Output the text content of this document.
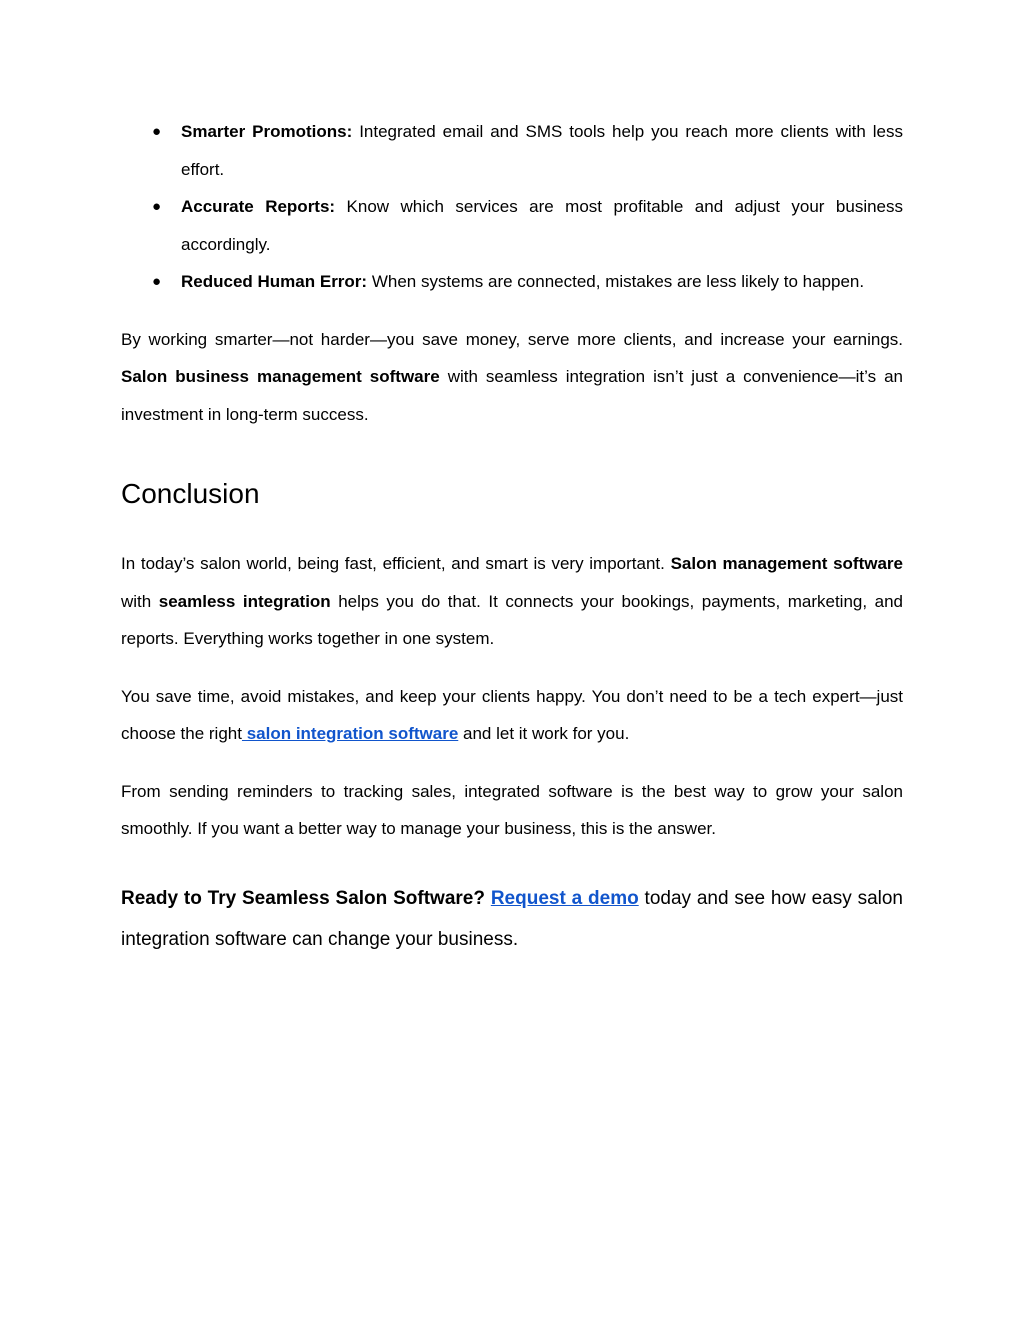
● Smarter Promotions: Integrated email and SMS tools help you reach more clients with less effort.
● Accurate Reports: Know which services are most profitable and adjust your business accordingly.
● Reduced Human Error: When systems are connected, mistakes are less likely to happen.

By working smarter—not harder—you save money, serve more clients, and increase your earnings. Salon business management software with seamless integration isn’t just a convenience—it’s an investment in long-term success.

Conclusion

In today’s salon world, being fast, efficient, and smart is very important. Salon management software with seamless integration helps you do that. It connects your bookings, payments, marketing, and reports. Everything works together in one system.

You save time, avoid mistakes, and keep your clients happy. You don’t need to be a tech expert—just choose the right salon integration software and let it work for you.

From sending reminders to tracking sales, integrated software is the best way to grow your salon smoothly. If you want a better way to manage your business, this is the answer.

Ready to Try Seamless Salon Software? Request a demo today and see how easy salon integration software can change your business.
